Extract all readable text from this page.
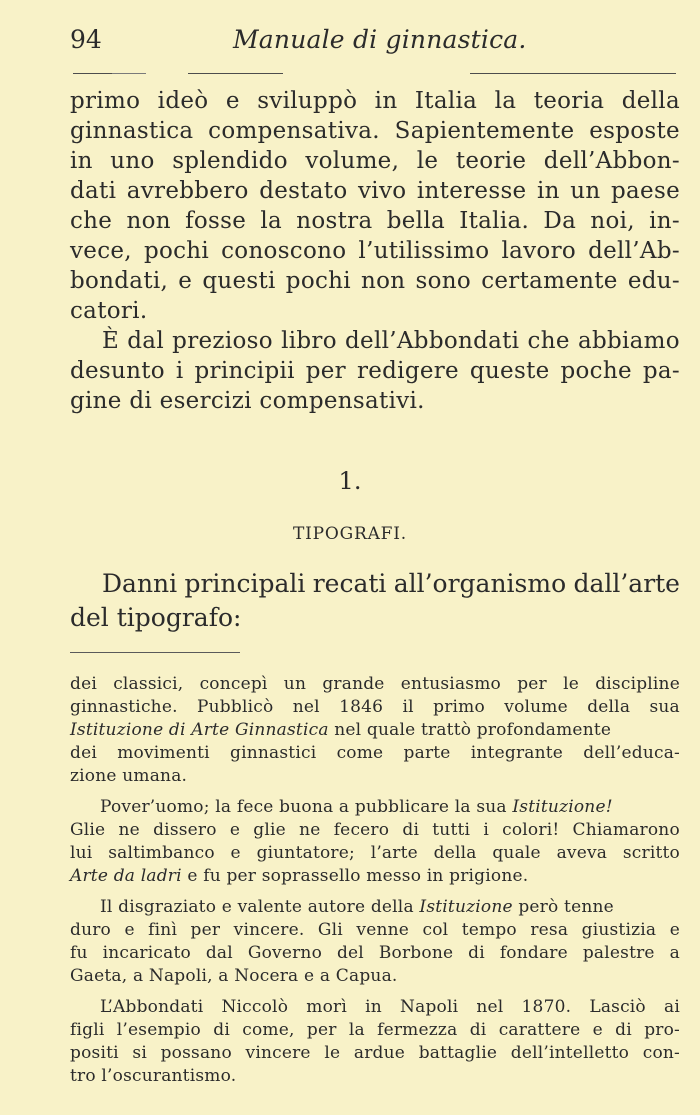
94	Manuale di ginnastica.
primo ideò e sviluppò in Italia la teoria della
ginnastica compensativa. Sapientemente esposte
in uno splendido volume, le teorie dell’Abbon-
dati avrebbero destato vivo interesse in un paese
che non fosse la nostra bella Italia. Da noi, in-
vece, pochi conoscono l’utilissimo lavoro dell’Ab-
bondati, e questi pochi non sono certamente edu-
catori.
È dal prezioso libro dell’Abbondati che abbiamo
desunto i principii per redigere queste poche pa-
gine di esercizi compensativi.
1.
TIPOGRAFI.
Danni principali recati all’organismo dall’arte
del tipografo:
dei classici, concepì un grande entusiasmo per le discipline
ginnastiche. Pubblicò nel 1846 il primo volume della sua
Istituzione di Arte Ginnastica nel quale trattò profondamente
dei movimenti ginnastici come parte integrante dell’educa-
zione umana.
Pover’uomo; la fece buona a pubblicare la sua Istituzione!
Glie ne dissero e glie ne fecero di tutti i colori! Chiamarono
lui saltimbanco e giuntatore; l’arte della quale aveva scritto
Arte da ladri e fu per soprassello messo in prigione.
Il disgraziato e valente autore della Istituzione però tenne
duro e finì per vincere. Gli venne col tempo resa giustizia e
fu incaricato dal Governo del Borbone di fondare palestre a
Gaeta, a Napoli, a Nocera e a Capua.
L’Abbondati Niccolò morì in Napoli nel 1870. Lasciò ai
figli l’esempio di come, per la fermezza di carattere e di pro-
positi si possano vincere le ardue battaglie dell’intelletto con-
tro l’oscurantismo.
